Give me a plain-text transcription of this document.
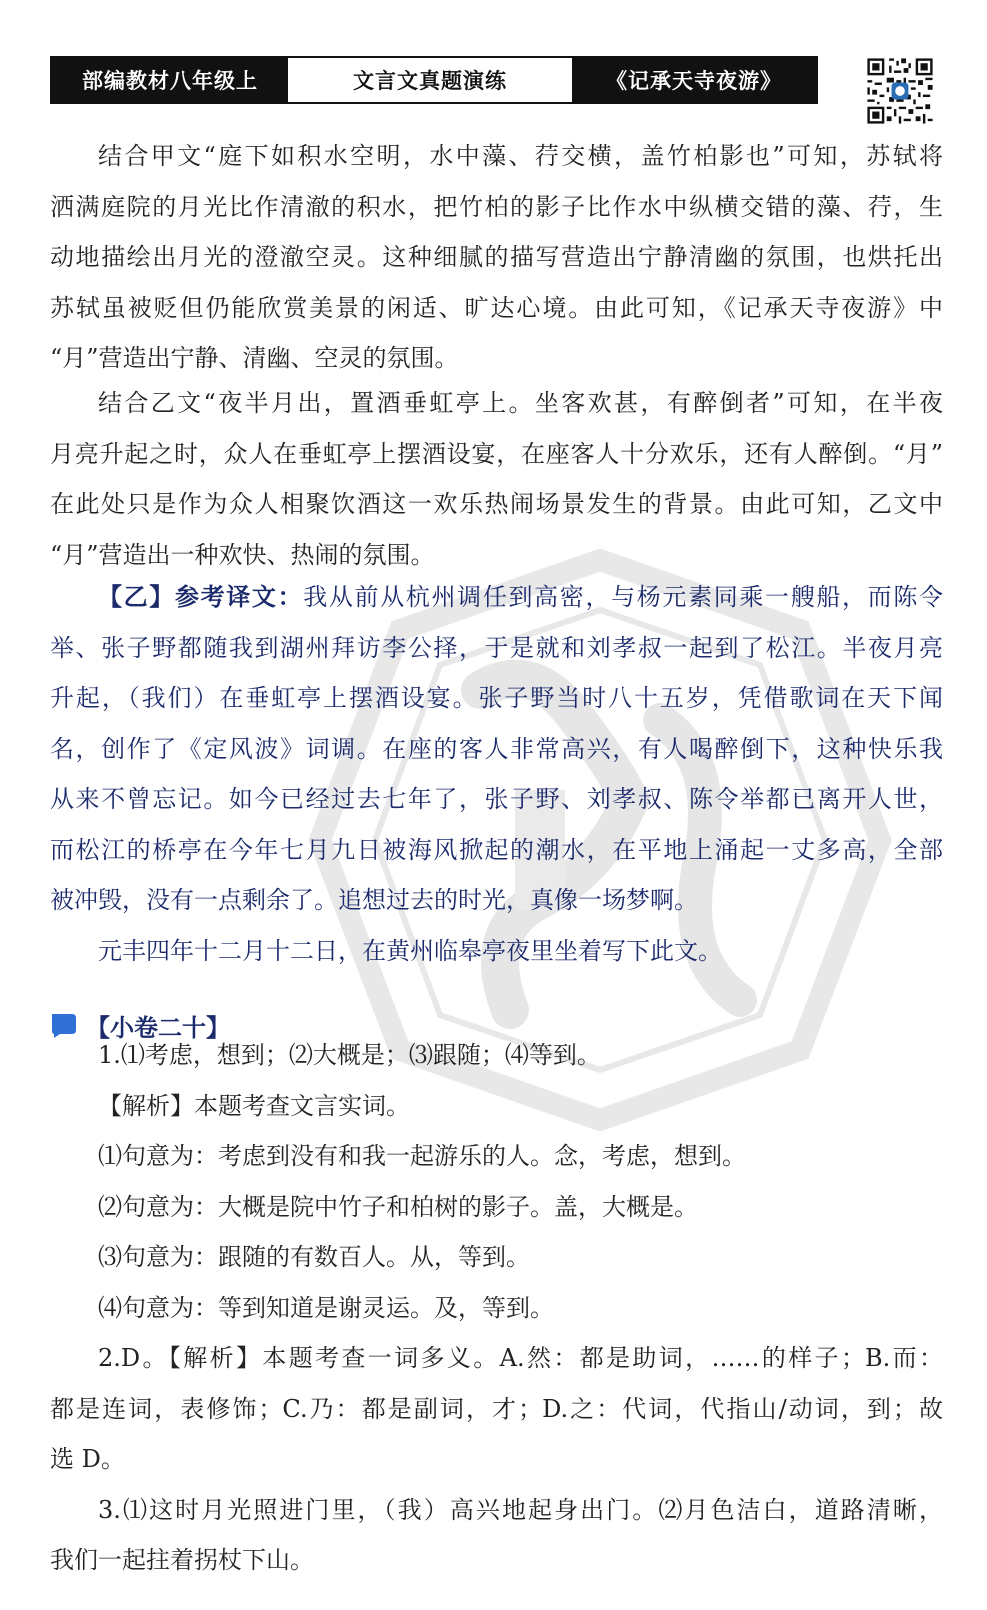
部编教材八年级上	文言文真题演练	《记承天寺夜游》
结合甲文“庭下如积水空明，水中藻、荇交横，盖竹柏影也”可知，苏轼将
洒满庭院的月光比作清澈的积水，把竹柏的影子比作水中纵横交错的藻、荇，生
动地描绘出月光的澄澈空灵。这种细腻的描写营造出宁静清幽的氛围，也烘托出
苏轼虽被贬但仍能欣赏美景的闲适、旷达心境。由此可知，《记承天寺夜游》中
“月”营造出宁静、清幽、空灵的氛围。
结合乙文“夜半月出，置酒垂虹亭上。坐客欢甚，有醉倒者”可知，在半夜
月亮升起之时，众人在垂虹亭上摆酒设宴，在座客人十分欢乐，还有人醉倒。“月”
在此处只是作为众人相聚饮酒这一欢乐热闹场景发生的背景。由此可知，乙文中
“月”营造出一种欢快、热闹的氛围。
【乙】参考译文：我从前从杭州调任到高密，与杨元素同乘一艘船，而陈令
举、张子野都随我到湖州拜访李公择，于是就和刘孝叔一起到了松江。半夜月亮
升起，（我们）在垂虹亭上摆酒设宴。张子野当时八十五岁，凭借歌词在天下闻
名，创作了《定风波》词调。在座的客人非常高兴，有人喝醉倒下，这种快乐我
从来不曾忘记。如今已经过去七年了，张子野、刘孝叔、陈令举都已离开人世，
而松江的桥亭在今年七月九日被海风掀起的潮水，在平地上涌起一丈多高，全部
被冲毁，没有一点剩余了。追想过去的时光，真像一场梦啊。
元丰四年十二月十二日，在黄州临皋亭夜里坐着写下此文。
【小卷二十】
1.⑴考虑，想到；⑵大概是；⑶跟随；⑷等到。
【解析】本题考查文言实词。
⑴句意为：考虑到没有和我一起游乐的人。念，考虑，想到。
⑵句意为：大概是院中竹子和柏树的影子。盖，大概是。
⑶句意为：跟随的有数百人。从，等到。
⑷句意为：等到知道是谢灵运。及，等到。
2.D。【解析】本题考查一词多义。A.然：都是助词，……的样子；B.而：
都是连词，表修饰；C.乃：都是副词，才；D.之：代词，代指山/动词，到；故
选 D。
3.⑴这时月光照进门里，（我）高兴地起身出门。⑵月色洁白，道路清晰，
我们一起拄着拐杖下山。
